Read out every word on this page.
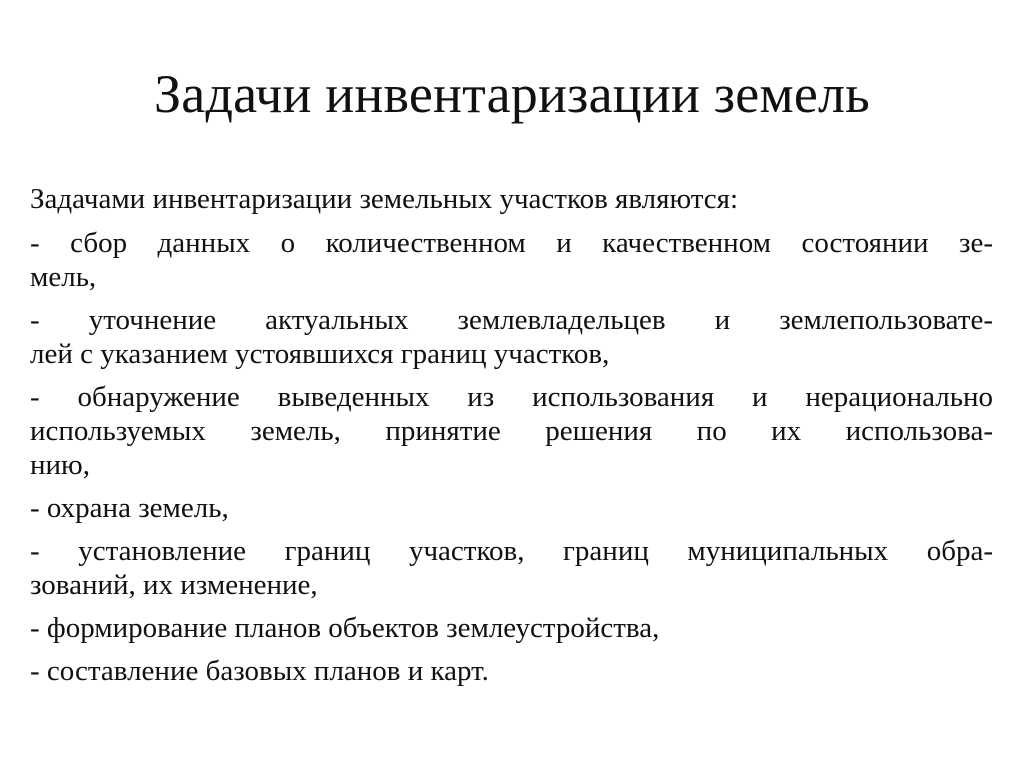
Задачи инвентаризации земель

Задачами инвентаризации земельных участков являются:

- сбор данных о количественном и качественном состоянии зе-
мель,

- уточнение актуальных землевладельцев и землепользовате-
лей с указанием устоявшихся границ участков,

- обнаружение выведенных из использования и нерационально
используемых земель, принятие решения по их использова-
нию,

- охрана земель,

- установление границ участков, границ муниципальных обра-
зований, их изменение,

- формирование планов объектов землеустройства,

- составление базовых планов и карт.
